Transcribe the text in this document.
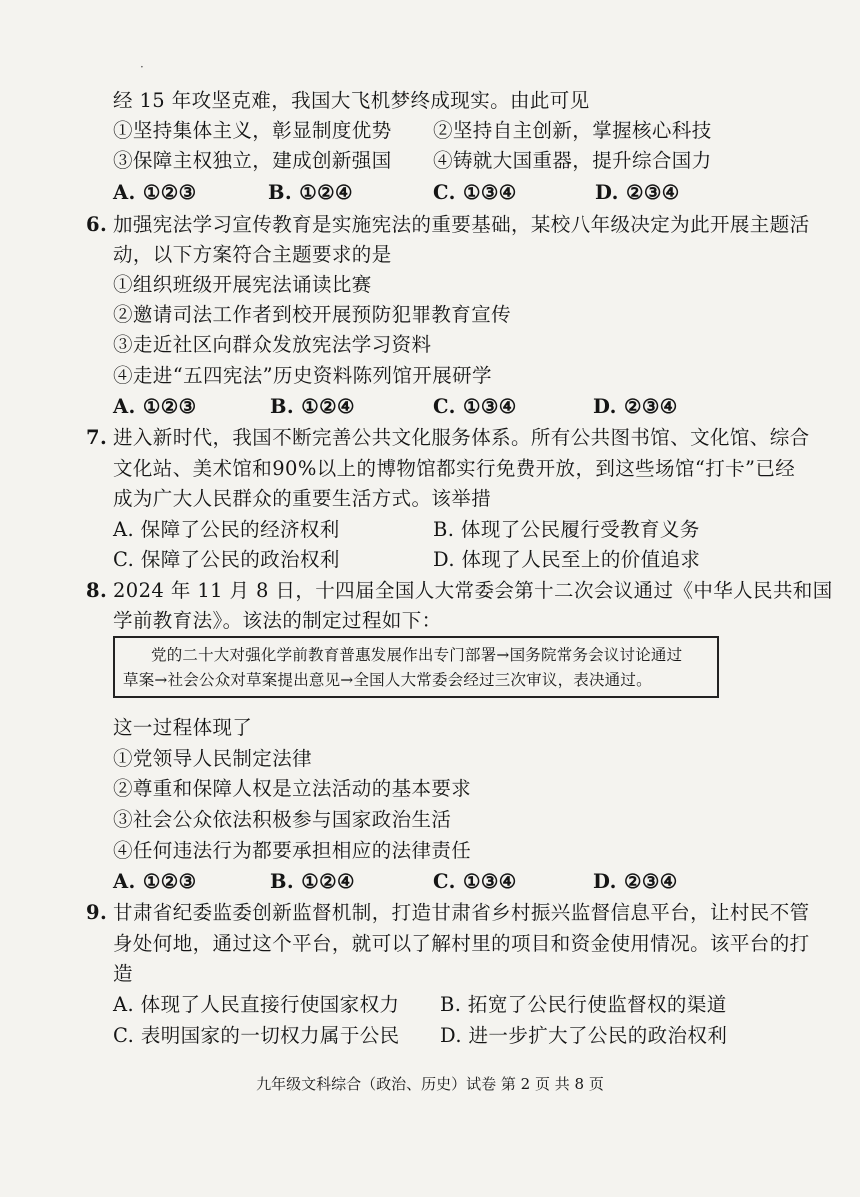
·
经 15 年攻坚克难，我国大飞机梦终成现实。由此可见
①坚持集体主义，彰显制度优势 ②坚持自主创新，掌握核心科技
③保障主权独立，建成创新强国 ④铸就大国重器，提升综合国力
A. ①②③	B. ①②④	C. ①③④	D. ②③④
6. 加强宪法学习宣传教育是实施宪法的重要基础，某校八年级决定为此开展主题活
动，以下方案符合主题要求的是
①组织班级开展宪法诵读比赛
②邀请司法工作者到校开展预防犯罪教育宣传
③走近社区向群众发放宪法学习资料
④走进“五四宪法”历史资料陈列馆开展研学
A. ①②③	B. ①②④	C. ①③④	D. ②③④
7. 进入新时代，我国不断完善公共文化服务体系。所有公共图书馆、文化馆、综合
文化站、美术馆和90%以上的博物馆都实行免费开放，到这些场馆“打卡”已经
成为广大人民群众的重要生活方式。该举措
A. 保障了公民的经济权利	B. 体现了公民履行受教育义务
C. 保障了公民的政治权利	D. 体现了人民至上的价值追求
8. 2024 年 11 月 8 日，十四届全国人大常委会第十二次会议通过《中华人民共和国
学前教育法》。该法的制定过程如下：
党的二十大对强化学前教育普惠发展作出专门部署→国务院常务会议讨论通过
草案→社会公众对草案提出意见→全国人大常委会经过三次审议，表决通过。
这一过程体现了
①党领导人民制定法律
②尊重和保障人权是立法活动的基本要求
③社会公众依法积极参与国家政治生活
④任何违法行为都要承担相应的法律责任
A. ①②③	B. ①②④	C. ①③④	D. ②③④
9. 甘肃省纪委监委创新监督机制，打造甘肃省乡村振兴监督信息平台，让村民不管
身处何地，通过这个平台，就可以了解村里的项目和资金使用情况。该平台的打
造
A. 体现了人民直接行使国家权力 B. 拓宽了公民行使监督权的渠道
C. 表明国家的一切权力属于公民 D. 进一步扩大了公民的政治权利
九年级文科综合（政治、历史）试卷 第 2 页 共 8 页
